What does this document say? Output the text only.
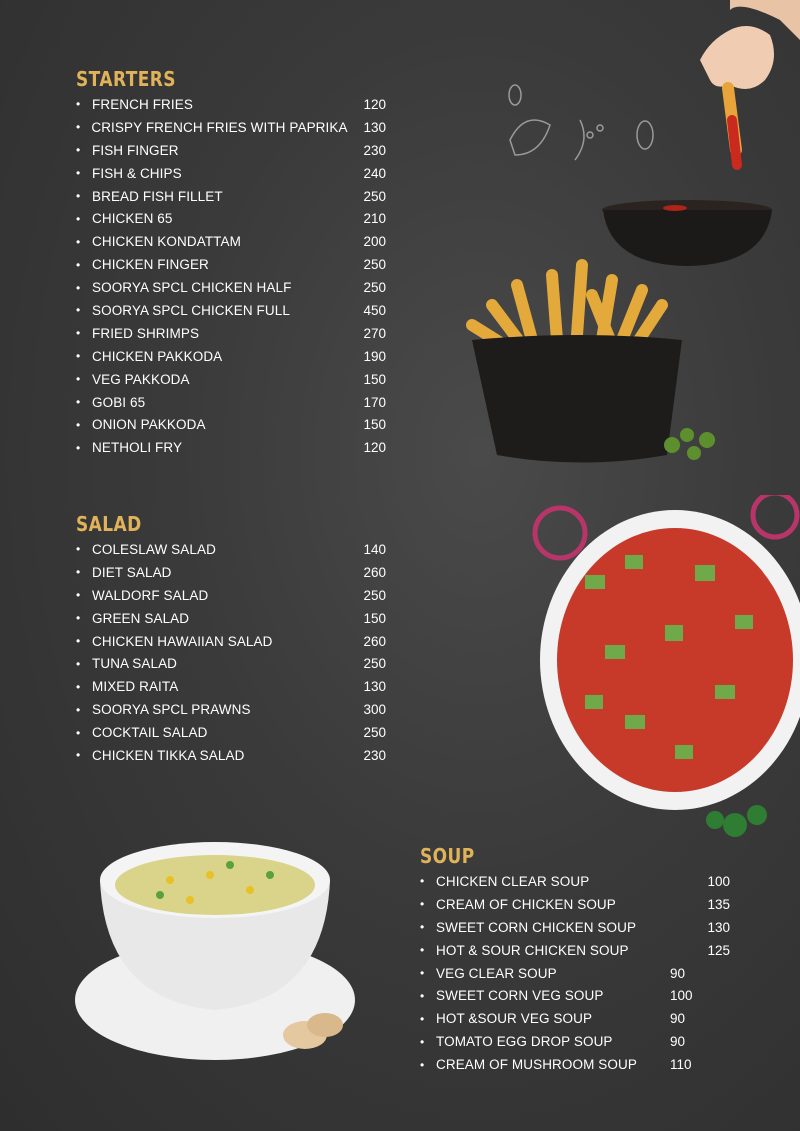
STARTERS
• FRENCH FRIES	120
• CRISPY FRENCH FRIES WITH PAPRIKA	130
• FISH FINGER	230
• FISH & CHIPS	240
• BREAD FISH FILLET	250
• CHICKEN 65	210
• CHICKEN KONDATTAM	200
• CHICKEN FINGER	250
• SOORYA SPCL CHICKEN HALF	250
• SOORYA SPCL CHICKEN FULL	450
• FRIED SHRIMPS	270
• CHICKEN PAKKODA	190
• VEG PAKKODA	150
• GOBI 65	170
• ONION PAKKODA	150
• NETHOLI FRY	120
SALAD
• COLESLAW SALAD	140
• DIET SALAD	260
• WALDORF SALAD	250
• GREEN SALAD	150
• CHICKEN HAWAIIAN SALAD	260
• TUNA SALAD	250
• MIXED RAITA	130
• SOORYA SPCL PRAWNS	300
• COCKTAIL SALAD	250
• CHICKEN TIKKA SALAD	230
SOUP
• CHICKEN CLEAR SOUP	100
• CREAM OF CHICKEN SOUP	135
• SWEET CORN CHICKEN SOUP	130
• HOT & SOUR CHICKEN SOUP	125
• VEG CLEAR SOUP	90
• SWEET CORN VEG SOUP	100
• HOT &SOUR VEG SOUP	90
• TOMATO EGG DROP SOUP	90
• CREAM OF MUSHROOM SOUP	110
